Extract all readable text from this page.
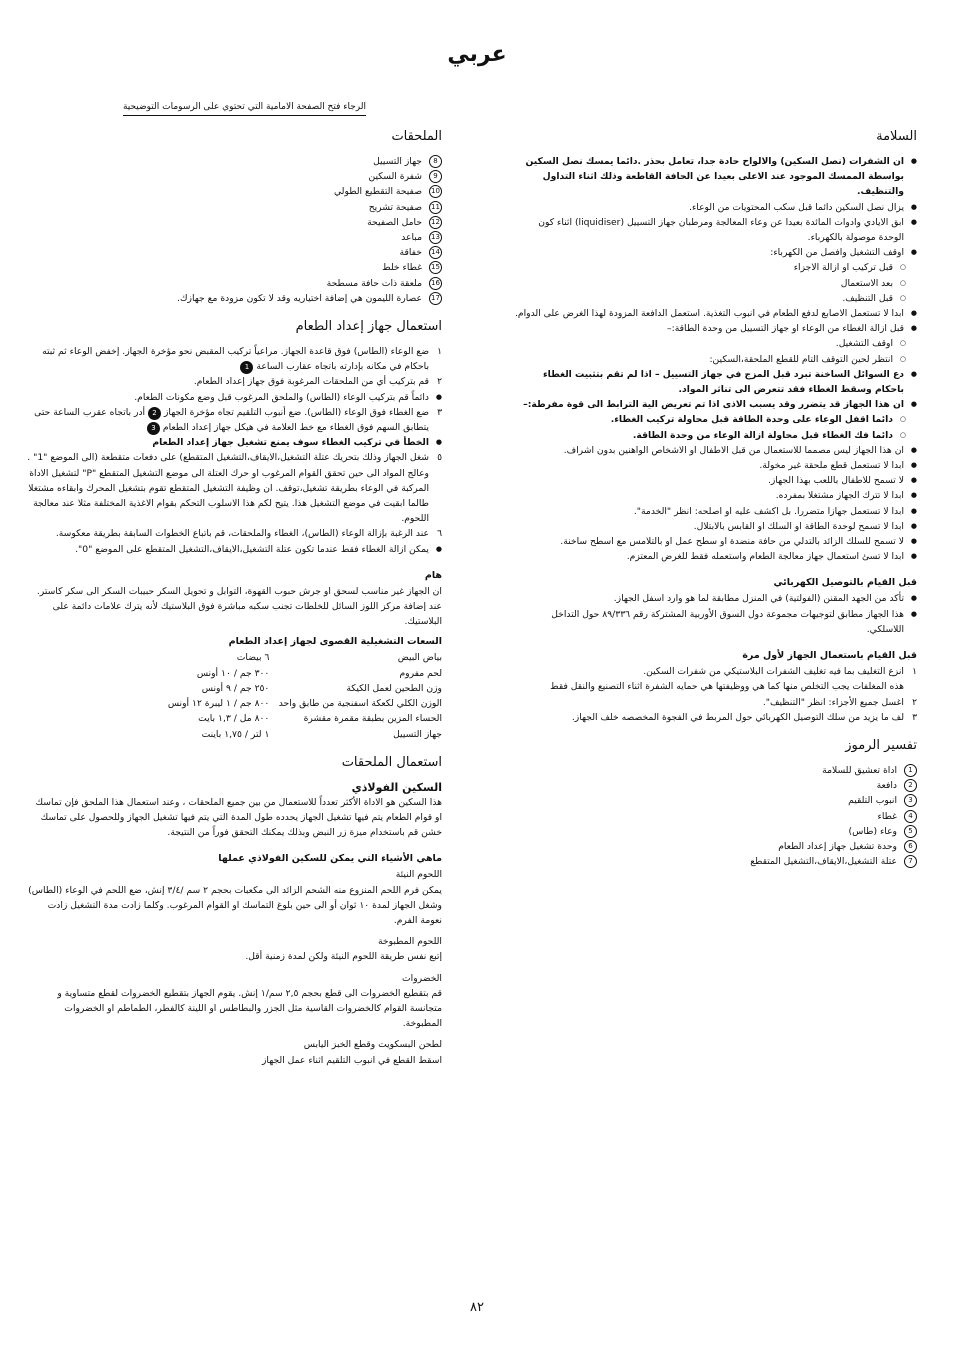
عربي
الرجاء فتح الصفحة الامامية التي تحتوي على الرسومات التوضيحية
السلامة
● ان الشفرات (نصل السكين) والالواح حادة جدا، تعامل بحذر .دائما يمسك نصل السكين بواسطة الممسك الموجود عند الاعلى بعيدا عن الحافة القاطعة وذلك اثناء التداول والتنظيف.
● يزال نصل السكين دائما قبل سكب المحتويات من الوعاء.
● ابق الايادي وادوات المائدة بعيدا عن وعاء المعالجة ومرطبان جهاز التسييل (liquidiser) اثناء كون الوحدة موصولة بالكهرباء.
● اوقف التشغيل وافصل من الكهرباء:
○ قبل تركيب او ازالة الاجزاء
○ بعد الاستعمال
○ قبل التنظيف.
● ابدا لا تستعمل الاصابع لدفع الطعام في انبوب التغذية. استعمل الدافعة المزودة لهذا الغرض على الدوام.
● قبل ازالة الغطاء من الوعاء او جهاز التسييل من وحدة الطاقة:–
○ اوقف التشغيل.
○ انتظر لحين التوقف التام للقطع الملحقة،السكين:
● دع السوائل الساخنة تبرد قبل المزج في جهاز التسييل – اذا لم تقم بتثبيت الغطاء باحكام وسقط الغطاء فقد تتعرض الى تناثر المواد.
● ان هذا الجهاز قد يتضرر وقد يسبب الاذى اذا تم تعريض الية الترابط الى قوة مفرطة:–
○ دائما اقفل الوعاء على وحدة الطاقة قبل محاولة تركيب الغطاء.
○ دائما فك الغطاء قبل محاولة ازالة الوعاء من وحدة الطاقة.
● ان هذا الجهاز ليس مصمما للاستعمال من قبل الاطفال او الاشخاص الواهنين بدون اشراف.
● ابدا لا تستعمل قطع ملحقة غير مخولة.
● لا تسمح للاطفال باللعب بهذا الجهاز.
● ابدا لا تترك الجهاز مشتغلا بمفرده.
● ابدا لا تستعمل جهازا متضررا. بل اكشف عليه او اصلحه: انظر "الخدمة".
● ابدا لا تسمح لوحدة الطاقة او السلك او القابس بالابتلال.
● لا تسمح للسلك الزائد بالتدلي من حافة منضدة او سطح عمل او بالتلامس مع اسطح ساخنة.
● ابدا لا تسئ استعمال جهاز معالجة الطعام واستعمله فقط للغرض المعتزم.
قبل القيام بالتوصيل الكهربائي
● تأكد من الجهد المقنن (الفولتية) في المنزل مطابقة لما هو وارد اسفل الجهاز.
● هذا الجهاز مطابق لتوجيهات مجموعة دول السوق الأوربية المشتركة رقم ٨٩/٣٣٦ حول التداخل اللاسلكي.
قبل القيام باستعمال الجهاز لأول مرة
١
انزع التغليف بما فيه تغليف الشفرات البلاستيكي من شفرات السكين.
هذه المغلفات يجب التخلص منها كما هي ووظيفتها هي حمايه الشفرة اثناء التصنيع والنقل فقط
٢
اغسل جميع الأجزاء: انظر "التنظيف".
٣
لف ما يزيد من سلك التوصيل الكهربائي حول المربط في الفجوة المخصصه خلف الجهاز.
تفسير الرموز
1
اداة تعشيق للسلامة
2
دافعة
3
انبوب التلقيم
4
غطاء
5
وعاء (طاس)
6
وحدة تشغيل جهاز إعداد الطعام
7
عتلة التشغيل،الايقاف،التشغيل المتقطع
الملحقات
8
جهاز التسييل
9
شفرة السكين
10
صفيحة التقطيع الطولي
11
صفيحة تشريح
12
حامل الصفيحة
13
مباعد
14
خفاقة
15
غطاء خلط
16
ملعقة ذات حافة مسطحة
17
عصارة الليمون هي إضافة اختياريه وقد لا تكون مزودة مع جهازك.
استعمال جهاز إعداد الطعام
١
ضع الوعاء (الطاس) فوق قاعدة الجهاز. مراعياً تركيب المقبض نحو مؤخرة الجهاز. إخفض الوعاء ثم ثبته باحكام في مكانه بإدارته باتجاه عقارب الساعة 1
٢
قم بتركيب أي من الملحقات المرغوبة فوق جهاز إعداد الطعام.
● دائماً قم بتركيب الوعاء (الطاس) والملحق المرغوب قبل وضع مكونات الطعام.
٣
ضع الغطاء فوق الوعاء (الطاس). ضع أنبوب التلقيم تجاه مؤخرة الجهاز 2 أدر باتجاه عقرب الساعة حتى يتطابق السهم فوق الغطاء مع خط العلامة في هيكل جهاز إعداد الطعام 3
● الخطأ في تركيب الغطاء سوف يمنع تشغيل جهاز إعداد الطعام
٥
شغل الجهاز وذلك بتحريك عتلة التشغيل،الايقاف،التشغيل المتقطع) على دفعات متقطعة (الى الموضع "1" . وعالج المواد الى حين تحقق القوام المرغوب او حرك العتلة الى موضع التشغيل المتقطع "P" لتشغيل الاداة المركبة في الوعاء بطريقة تشغيل،توقف. ان وظيفة التشغيل المتقطع تقوم بتشغيل المحرك وابقاءه مشتغلا طالما ابقيت في موضع التشغيل هذا. يتيح لكم هذا الاسلوب التحكم بقوام الاغذية المختلفة مثلا عند معالجة اللحوم.
٦
عند الرغبة بإزالة الوعاء (الطاس)، الغطاء والملحقات، قم باتباع الخطوات السابقة بطريقة معكوسة.
● يمكن ازالة الغطاء فقط عندما تكون عتلة التشغيل،الايقاف،التشغيل المتقطع على الموضع "0".
هام

ان الجهاز غير مناسب لسحق او جرش حبوب القهوة، التوابل و تحويل السكر حبيبات السكر الى سكر كاستر.

عند إضافة مركز اللوز السائل للخلطات تجنب سكبه مباشرة فوق البلاستيك لأنه يترك علامات دائمة على البلاستيك.

السعات التشغيلية القصوى لجهاز إعداد الطعام
بياض البيض	٦ بيضات
لحم مفروم	٣٠٠ جم / ١٠ أونس
وزن الطحين لعمل الكيكة	٢٥٠ جم / ٩ أونس
الوزن الكلي لكعكة اسفنجية من طابق واحد	٨٠٠ جم / ١ ليبرة ١٢ أونس
الحساء المزين بطبقة مقمرة مقشرة	٨٠٠ مل / ١,٣ بايت
جهاز التسييل	١ لتر / ١,٧٥ باينت
استعمال الملحقات
السكين الفولاذي

هذا السكين هو الاداة الأكثر تعدداً للاستعمال من بين جميع الملحقات ، وعند استعمال هذا الملحق فإن تماسك او قوام الطعام يتم فيها تشغيل الجهاز يحدده طول المدة التي يتم فيها تشغيل الجهاز وللحصول على تماسك خشن قم باستخدام ميزة زر النبض وبذلك يمكنك التحقق فوراً من النتيجة.

ماهي الأشياء التي يمكن للسكين الفولاذي عملها

اللحوم النيئة

يمكن فرم اللحم المنزوع منه الشحم الزائد الى مكعبات بحجم ٢ سم /٣/٤ إنش، ضع اللحم في الوعاء (الطاس) وشغل الجهاز لمدة ١٠ ثوان أو الى حين بلوغ التماسك او القوام المرغوب. وكلما زادت مدة التشغيل زادت نعومة الفرم.

اللحوم المطبوخة

إتبع نفس طريقة اللحوم النيئة ولكن لمدة زمنية أقل.

الخضروات

قم بتقطيع الخضروات الى قطع بحجم ٢,٥ سم/١ إنش. يقوم الجهاز بتقطيع الخضروات لقطع متساوية و متجانسة القوام كالخضروات القاسية مثل الجزر والبطاطس او اللينة كالفطر، الطماطم او الخضروات المطبوخة.

لطحن البسكويت وقطع الخبز اليابس

اسقط القطع في انبوب التلقيم اثناء عمل الجهاز

٨٢
